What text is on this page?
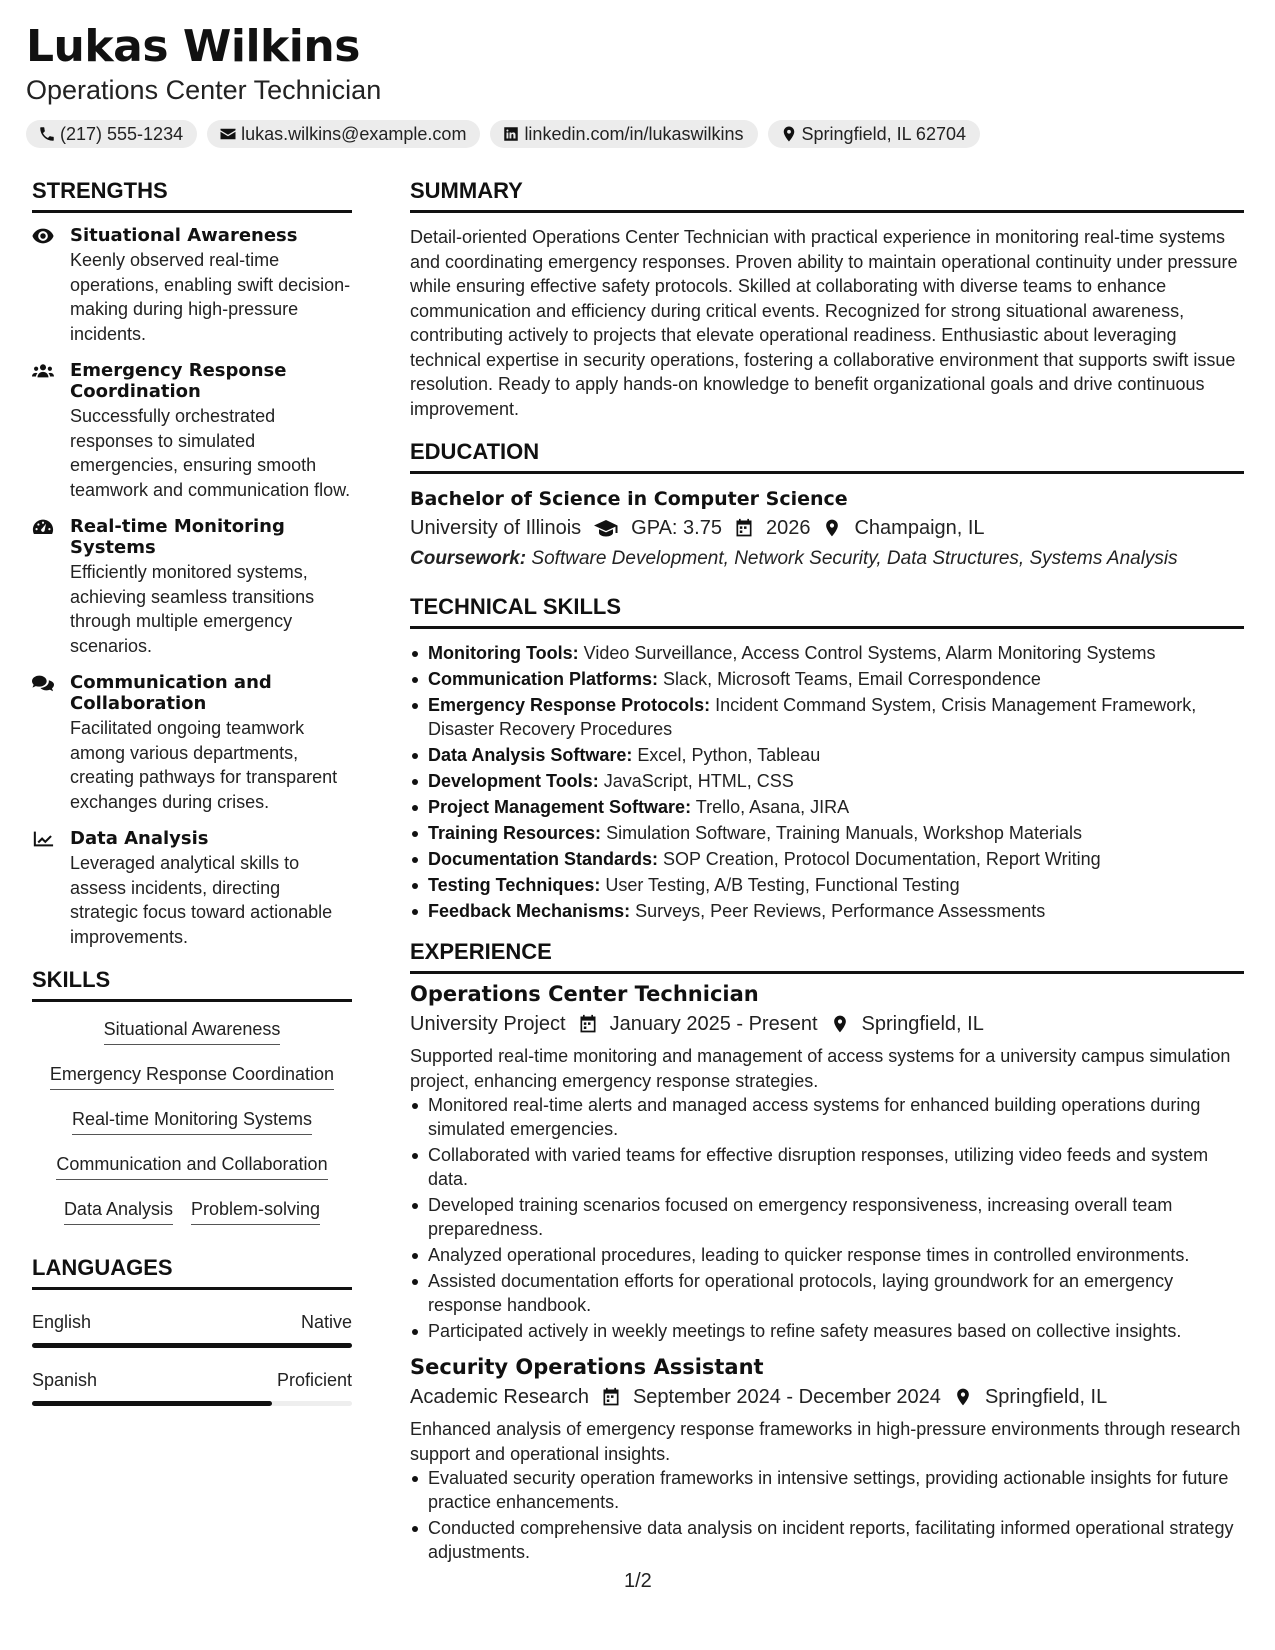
Lukas Wilkins
Operations Center Technician
(217) 555-1234	lukas.wilkins@example.com	linkedin.com/in/lukaswilkins	Springfield, IL 62704
STRENGTHS
Situational Awareness
Keenly observed real-time operations, enabling swift decision-making during high-pressure incidents.
Emergency Response Coordination
Successfully orchestrated responses to simulated emergencies, ensuring smooth teamwork and communication flow.
Real-time Monitoring Systems
Efficiently monitored systems, achieving seamless transitions through multiple emergency scenarios.
Communication and Collaboration
Facilitated ongoing teamwork among various departments, creating pathways for transparent exchanges during crises.
Data Analysis
Leveraged analytical skills to assess incidents, directing strategic focus toward actionable improvements.
SKILLS
Situational Awareness
Emergency Response Coordination
Real-time Monitoring Systems
Communication and Collaboration
Data Analysis Problem-solving
LANGUAGES
English	Native
Spanish	Proficient
SUMMARY
Detail-oriented Operations Center Technician with practical experience in monitoring real-time systems and coordinating emergency responses. Proven ability to maintain operational continuity under pressure while ensuring effective safety protocols. Skilled at collaborating with diverse teams to enhance communication and efficiency during critical events. Recognized for strong situational awareness, contributing actively to projects that elevate operational readiness. Enthusiastic about leveraging technical expertise in security operations, fostering a collaborative environment that supports swift issue resolution. Ready to apply hands-on knowledge to benefit organizational goals and drive continuous improvement.
EDUCATION
Bachelor of Science in Computer Science
University of Illinois	GPA: 3.75 2026 Champaign, IL
Coursework: Software Development, Network Security, Data Structures, Systems Analysis
TECHNICAL SKILLS
Monitoring Tools: Video Surveillance, Access Control Systems, Alarm Monitoring Systems
Communication Platforms: Slack, Microsoft Teams, Email Correspondence
Emergency Response Protocols: Incident Command System, Crisis Management Framework, Disaster Recovery Procedures
Data Analysis Software: Excel, Python, Tableau
Development Tools: JavaScript, HTML, CSS
Project Management Software: Trello, Asana, JIRA
Training Resources: Simulation Software, Training Manuals, Workshop Materials
Documentation Standards: SOP Creation, Protocol Documentation, Report Writing
Testing Techniques: User Testing, A/B Testing, Functional Testing
Feedback Mechanisms: Surveys, Peer Reviews, Performance Assessments
EXPERIENCE
Operations Center Technician
University Project January 2025 - Present Springfield, IL
Supported real-time monitoring and management of access systems for a university campus simulation project, enhancing emergency response strategies.
Monitored real-time alerts and managed access systems for enhanced building operations during simulated emergencies.
Collaborated with varied teams for effective disruption responses, utilizing video feeds and system data.
Developed training scenarios focused on emergency responsiveness, increasing overall team preparedness.
Analyzed operational procedures, leading to quicker response times in controlled environments.
Assisted documentation efforts for operational protocols, laying groundwork for an emergency response handbook.
Participated actively in weekly meetings to refine safety measures based on collective insights.
Security Operations Assistant
Academic Research September 2024 - December 2024 Springfield, IL
Enhanced analysis of emergency response frameworks in high-pressure environments through research support and operational insights.
Evaluated security operation frameworks in intensive settings, providing actionable insights for future practice enhancements.
Conducted comprehensive data analysis on incident reports, facilitating informed operational strategy adjustments.
1/2
